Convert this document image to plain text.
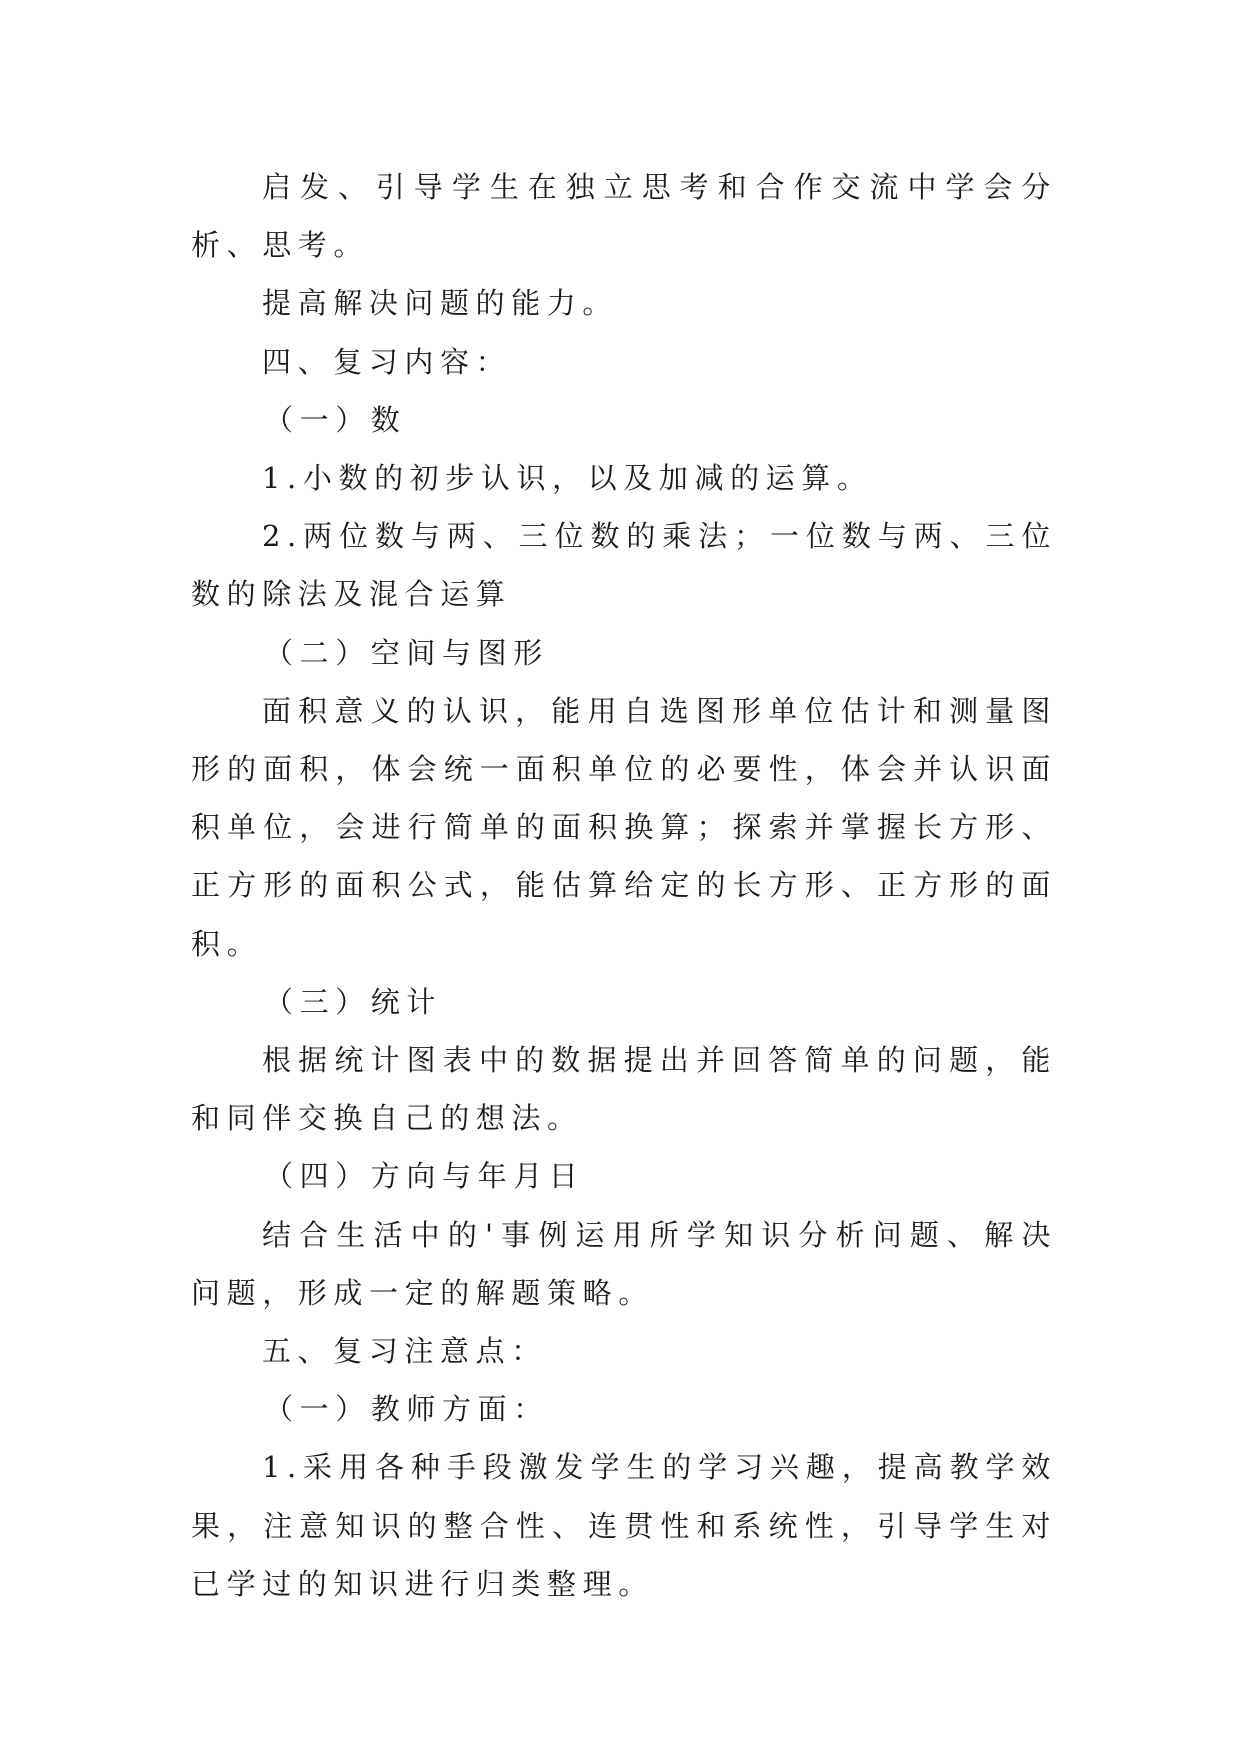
启发、引导学生在独立思考和合作交流中学会分析、思考。

提高解决问题的能力。

四、复习内容：

（一）数

1.小数的初步认识，以及加减的运算。

2.两位数与两、三位数的乘法；一位数与两、三位数的除法及混合运算

（二）空间与图形

面积意义的认识，能用自选图形单位估计和测量图形的面积，体会统一面积单位的必要性，体会并认识面积单位，会进行简单的面积换算；探索并掌握长方形、正方形的面积公式，能估算给定的长方形、正方形的面积。

（三）统计

根据统计图表中的数据提出并回答简单的问题，能和同伴交换自己的想法。

（四）方向与年月日

结合生活中的'事例运用所学知识分析问题、解决问题，形成一定的解题策略。

五、复习注意点：

（一）教师方面：

1.采用各种手段激发学生的学习兴趣，提高教学效果，注意知识的整合性、连贯性和系统性，引导学生对已学过的知识进行归类整理。
